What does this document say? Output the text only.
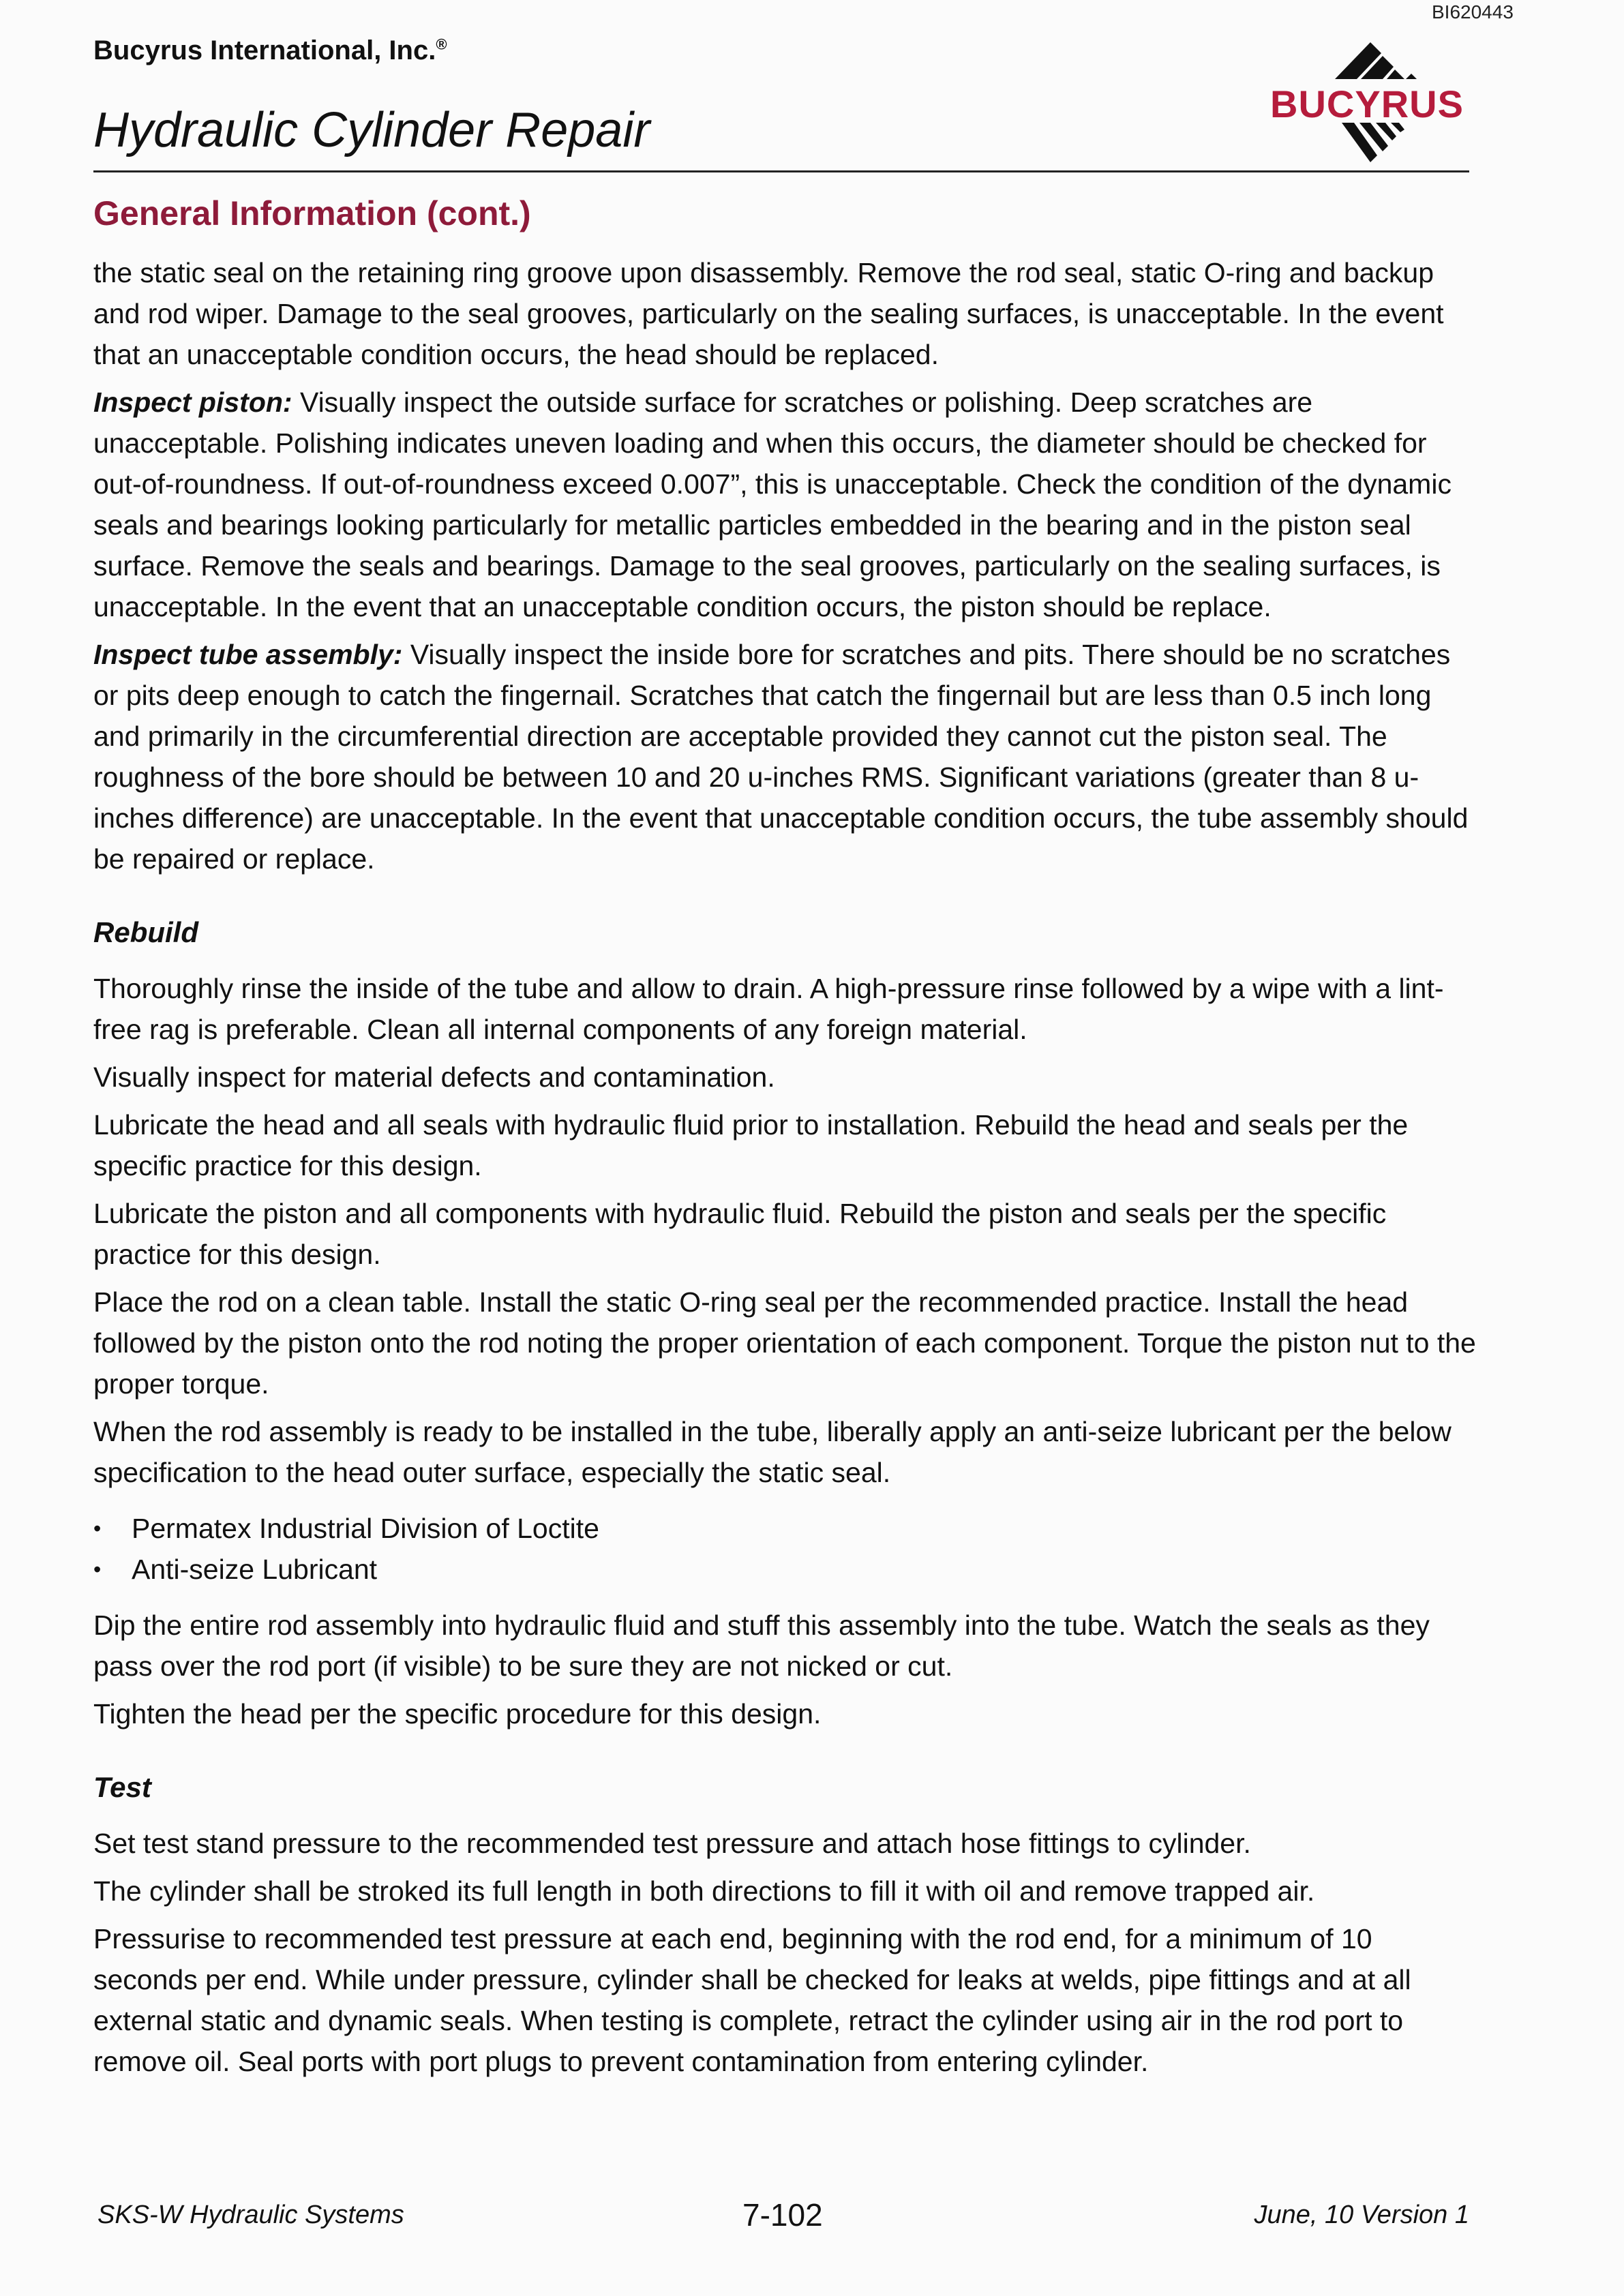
BI620443
Bucyrus International, Inc.®
Hydraulic Cylinder Repair	BUCYRUS
General Information (cont.)

the static seal on the retaining ring groove upon disassembly. Remove the rod seal, static O-ring and backup and rod wiper. Damage to the seal grooves, particularly on the sealing surfaces, is unacceptable. In the event that an unacceptable condition occurs, the head should be replaced.

Inspect piston: Visually inspect the outside surface for scratches or polishing. Deep scratches are unacceptable. Polishing indicates uneven loading and when this occurs, the diameter should be checked for out-of-roundness. If out-of-roundness exceed 0.007”, this is unacceptable. Check the condition of the dynamic seals and bearings looking particularly for metallic particles embedded in the bearing and in the piston seal surface. Remove the seals and bearings. Damage to the seal grooves, particularly on the sealing surfaces, is unacceptable. In the event that an unacceptable condition occurs, the piston should be replace.

Inspect tube assembly: Visually inspect the inside bore for scratches and pits. There should be no scratches or pits deep enough to catch the fingernail. Scratches that catch the fingernail but are less than 0.5 inch long and primarily in the circumferential direction are acceptable provided they cannot cut the piston seal. The roughness of the bore should be between 10 and 20 u-inches RMS. Significant variations (greater than 8 u-inches difference) are unacceptable. In the event that unacceptable condition occurs, the tube assembly should be repaired or replace.

Rebuild

Thoroughly rinse the inside of the tube and allow to drain. A high-pressure rinse followed by a wipe with a lint-free rag is preferable. Clean all internal components of any foreign material.

Visually inspect for material defects and contamination.

Lubricate the head and all seals with hydraulic fluid prior to installation. Rebuild the head and seals per the specific practice for this design.

Lubricate the piston and all components with hydraulic fluid. Rebuild the piston and seals per the specific practice for this design.

Place the rod on a clean table. Install the static O-ring seal per the recommended practice. Install the head followed by the piston onto the rod noting the proper orientation of each component. Torque the piston nut to the proper torque.

When the rod assembly is ready to be installed in the tube, liberally apply an anti-seize lubricant per the below specification to the head outer surface, especially the static seal.

• Permatex Industrial Division of Loctite
• Anti-seize Lubricant

Dip the entire rod assembly into hydraulic fluid and stuff this assembly into the tube. Watch the seals as they pass over the rod port (if visible) to be sure they are not nicked or cut.

Tighten the head per the specific procedure for this design.

Test

Set test stand pressure to the recommended test pressure and attach hose fittings to cylinder.

The cylinder shall be stroked its full length in both directions to fill it with oil and remove trapped air.

Pressurise to recommended test pressure at each end, beginning with the rod end, for a minimum of 10 seconds per end. While under pressure, cylinder shall be checked for leaks at welds, pipe fittings and at all external static and dynamic seals. When testing is complete, retract the cylinder using air in the rod port to remove oil. Seal ports with port plugs to prevent contamination from entering cylinder.

SKS-W Hydraulic Systems	7-102	June, 10 Version 1
